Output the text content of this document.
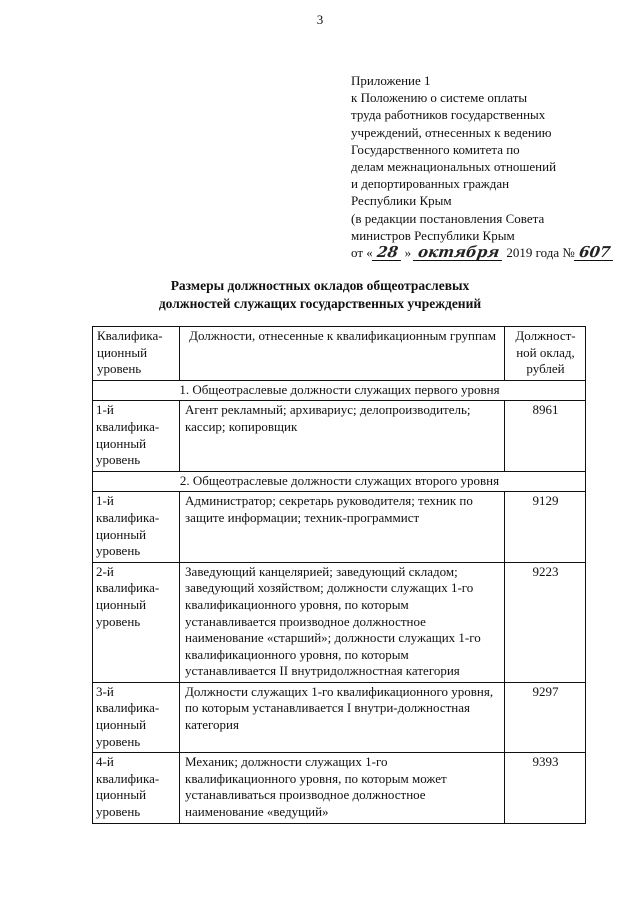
3
Приложение 1
к Положению о системе оплаты
труда работников государственных
учреждений, отнесенных к ведению
Государственного комитета по
делам межнациональных отношений
и депортированных граждан
Республики Крым
(в редакции постановления Совета
министров Республики Крым
от « 28 » октября 2019 года № 607
Размеры должностных окладов общеотраслевых
должностей служащих государственных учреждений
Квалифика-ционный уровень	Должности, отнесенные к квалификационным группам	Должност-ной оклад, рублей
1. Общеотраслевые должности служащих первого уровня		
1-й квалифика-ционный уровень	Агент рекламный; архивариус; делопроизводитель; кассир; копировщик	8961
2. Общеотраслевые должности служащих второго уровня		
1-й квалифика-ционный уровень	Администратор; секретарь руководителя; техник по защите информации; техник-программист	9129
2-й квалифика-ционный уровень	Заведующий канцелярией; заведующий складом; заведующий хозяйством; должности служащих 1-го квалификационного уровня, по которым устанавливается производное должностное наименование «старший»; должности служащих 1-го квалификационного уровня, по которым устанавливается II внутридолжностная категория	9223
3-й квалифика-ционный уровень	Должности служащих 1-го квалификационного уровня, по которым устанавливается I внутри-должностная категория	9297
4-й квалифика-ционный уровень	Механик; должности служащих 1-го квалификационного уровня, по которым может устанавливаться производное должностное наименование «ведущий»	9393
